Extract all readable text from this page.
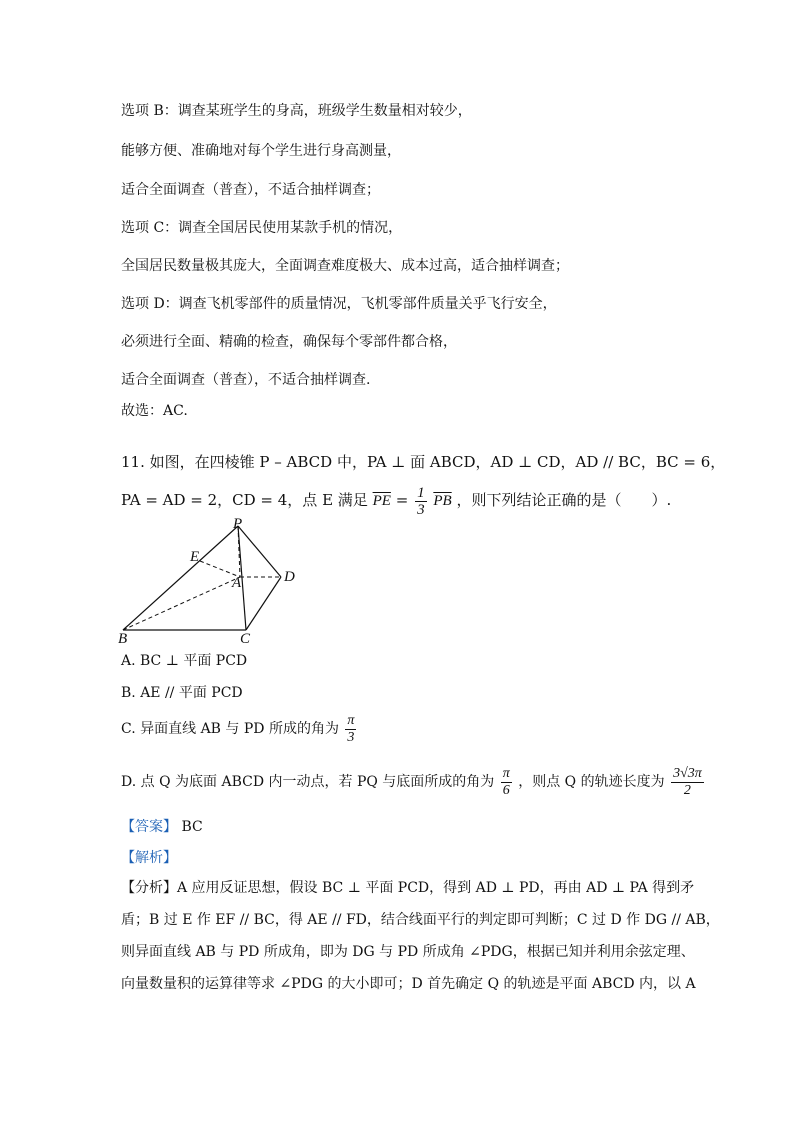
选项 B：调查某班学生的身高，班级学生数量相对较少，
能够方便、准确地对每个学生进行身高测量，
适合全面调查（普查），不适合抽样调查；
选项 C：调查全国居民使用某款手机的情况，
全国居民数量极其庞大，全面调查难度极大、成本过高，适合抽样调查；
选项 D：调查飞机零部件的质量情况，飞机零部件质量关乎飞行安全，
必须进行全面、精确的检查，确保每个零部件都合格，
适合全面调查（普查），不适合抽样调查.
故选：AC.
11. 如图，在四棱锥 P – ABCD 中，PA ⊥ 面 ABCD，AD ⊥ CD，AD // BC，BC = 6，
PA = AD = 2，CD = 4，点 E 满足 $\overline{PE} = \frac{1}{3} \overline{PB}$ ，则下列结论正确的是（　　）.
P
E
A	D
B	C
A. BC ⊥ 平面 PCD
B. AE // 平面 PCD
C. 异面直线 AB 与 PD 所成的角为 $\frac{\pi}{3}$
D. 点 Q 为底面 ABCD 内一动点，若 PQ 与底面所成的角为 $\frac{\pi}{6}$ ，则点 Q 的轨迹长度为 $\frac{3√3\pi}{2}$
【答案】 BC
【解析】
【分析】A 应用反证思想，假设 BC ⊥ 平面 PCD，得到 AD ⊥ PD，再由 AD ⊥ PA 得到矛
盾；B 过 E 作 EF // BC，得 AE // FD，结合线面平行的判定即可判断；C 过 D 作 DG // AB，
则异面直线 AB 与 PD 所成角，即为 DG 与 PD 所成角 ∠PDG，根据已知并利用余弦定理、
向量数量积的运算律等求 ∠PDG 的大小即可；D 首先确定 Q 的轨迹是平面 ABCD 内，以 A
